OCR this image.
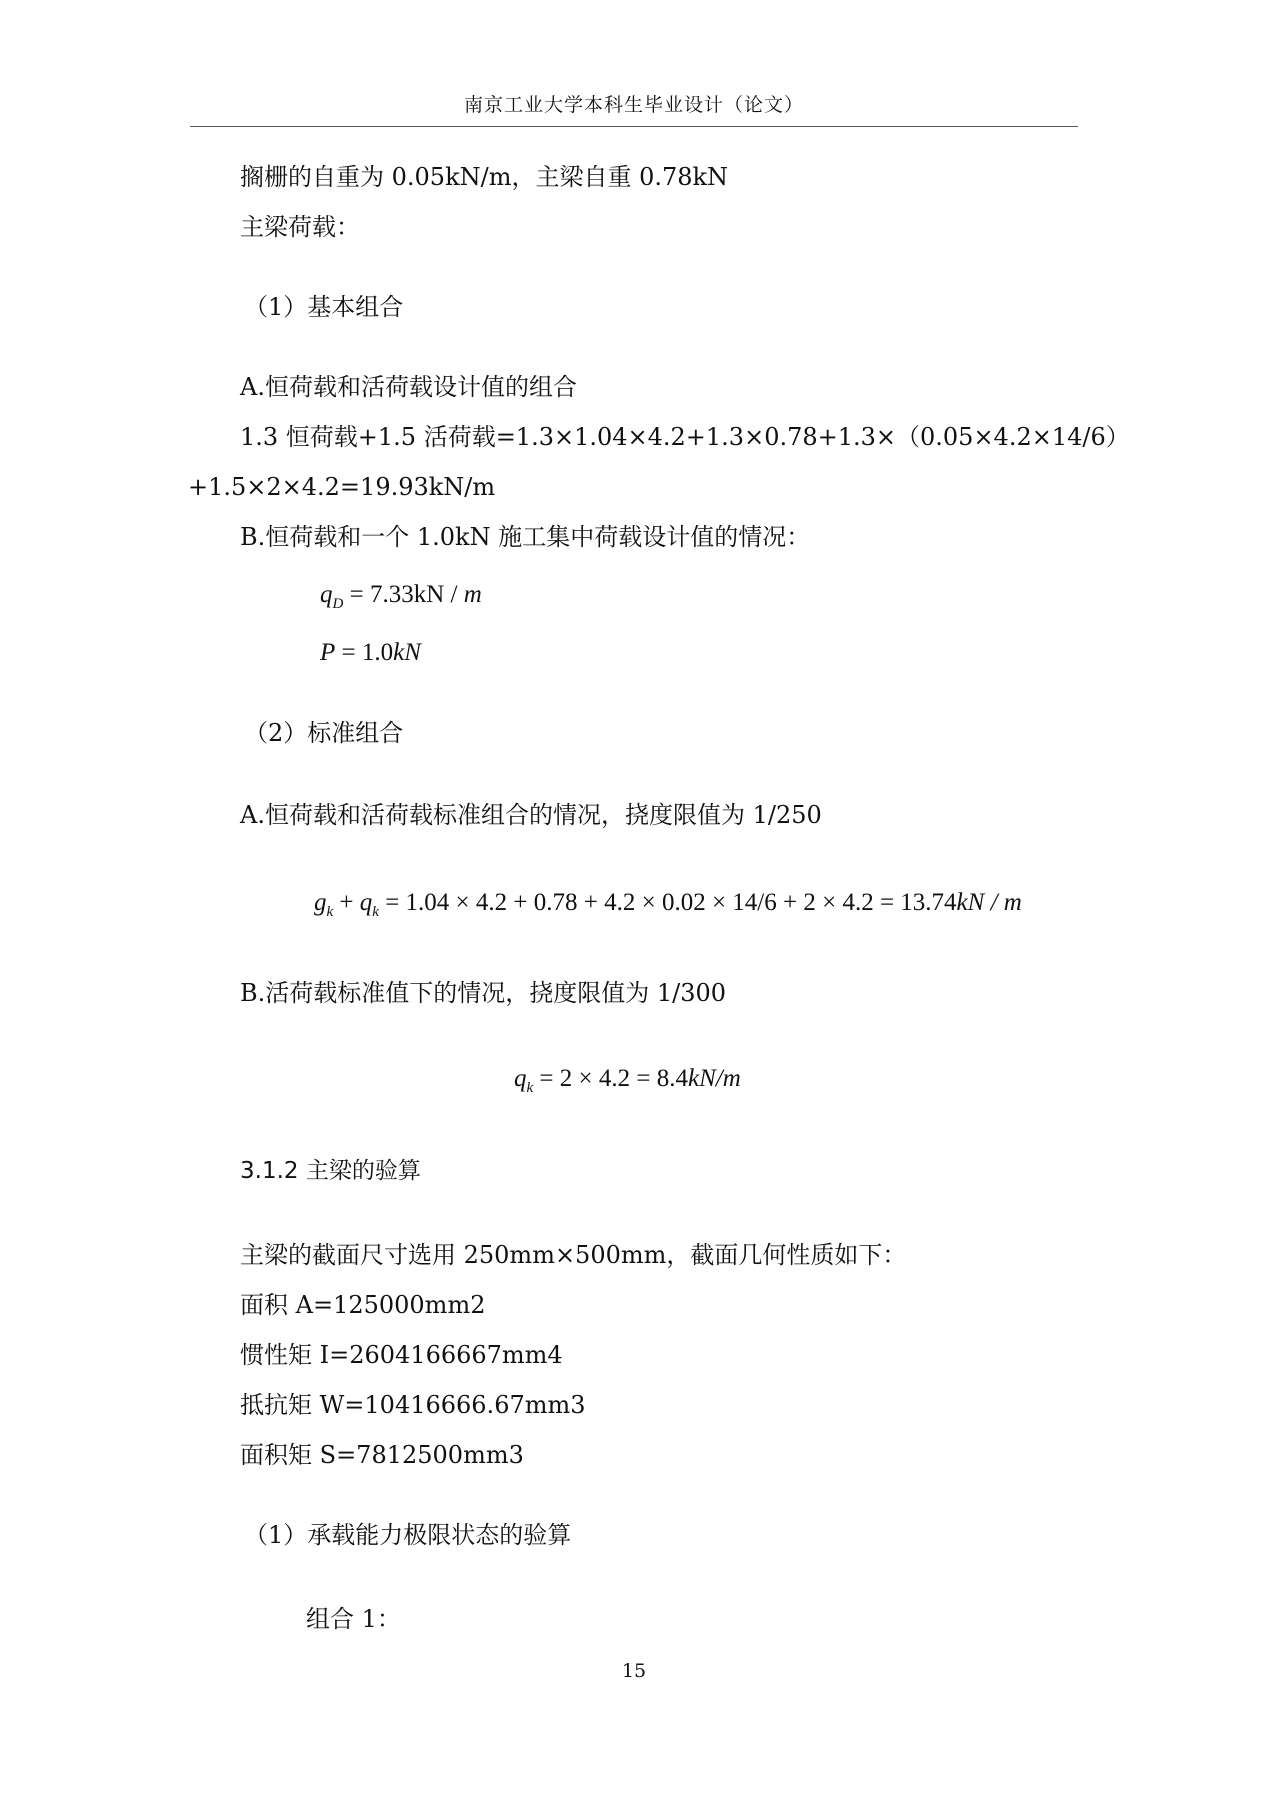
南京工业大学本科生毕业设计（论文）
搁栅的自重为 0.05kN/m，主梁自重 0.78kN
主梁荷载：
（1）基本组合
A.恒荷载和活荷载设计值的组合
1.3 恒荷载+1.5 活荷载=1.3×1.04×4.2+1.3×0.78+1.3×（0.05×4.2×14/6）
+1.5×2×4.2=19.93kN/m
B.恒荷载和一个 1.0kN 施工集中荷载设计值的情况：
$q_D = 7.33kN / m$
P = 1.0kN
（2）标准组合
A.恒荷载和活荷载标准组合的情况，挠度限值为 1/250
$g_k + q_k = 1.04 \times 4.2 + 0.78 + 4.2 \times 0.02 \times 14/6 + 2 \times 4.2 = 13.74kN / m$
B.活荷载标准值下的情况，挠度限值为 1/300
$q_k = 2 \times 4.2 = 8.4kN/m$
3.1.2 主梁的验算
主梁的截面尺寸选用 250mm×500mm，截面几何性质如下：
面积 A=125000mm2
惯性矩 I=2604166667mm4
抵抗矩 W=10416666.67mm3
面积矩 S=7812500mm3
（1）承载能力极限状态的验算
组合 1：
15
